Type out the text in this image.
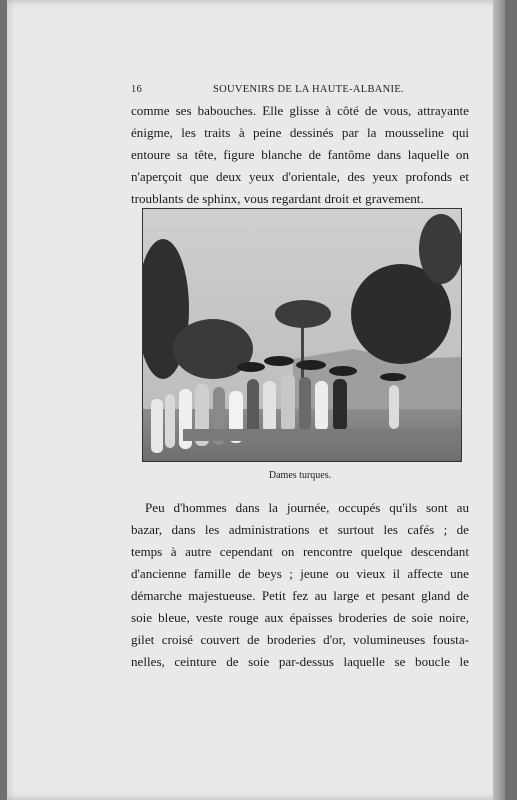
16	SOUVENIRS DE LA HAUTE-ALBANIE.
comme ses babouches. Elle glisse à côté de vous, attrayante
énigme, les traits à peine dessinés par la mousseline qui
entoure sa tête, figure blanche de fantôme dans laquelle on
n'aperçoit que deux yeux d'orientale, des yeux profonds et
troublants de sphinx, vous regardant droit et gravement.
Dames turques.
Peu d'hommes dans la journée, occupés qu'ils sont au
bazar, dans les administrations et surtout les cafés ; de
temps à autre cependant on rencontre quelque descendant
d'ancienne famille de beys ; jeune ou vieux il affecte une
démarche majestueuse. Petit fez au large et pesant gland de
soie bleue, veste rouge aux épaisses broderies de soie noire,
gilet croisé couvert de broderies d'or, volumineuses fousta-
nelles, ceinture de soie par-dessus laquelle se boucle le
